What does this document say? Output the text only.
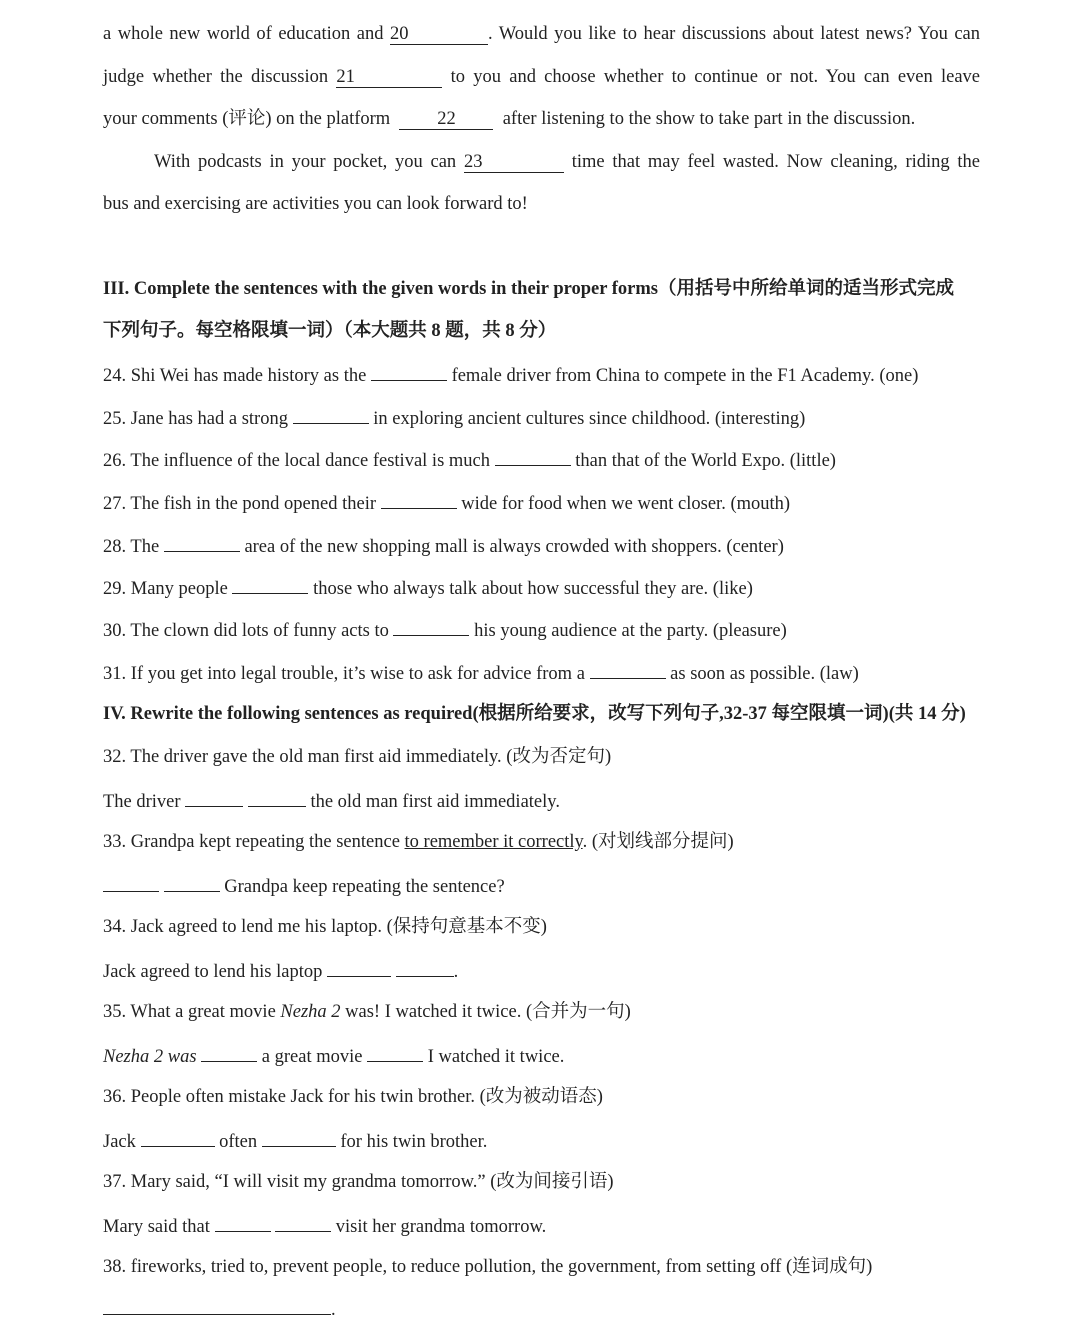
a whole new world of education and 20	. Would you like to hear discussions about latest news? You can
judge whether the discussion 21	to you and choose whether to continue or not. You can even leave
your comments (评论) on the platform	22	after listening to the show to take part in the discussion.
With podcasts in your pocket, you can 23	time that may feel wasted. Now cleaning, riding the
bus and exercising are activities you can look forward to!
III. Complete the sentences with the given words in their proper forms（用括号中所给单词的适当形式完成
下列句子。每空格限填一词）（本大题共 8 题，共 8 分）
24. Shi Wei has made history as the	female driver from China to compete in the F1 Academy. (one)
25. Jane has had a strong	in exploring ancient cultures since childhood. (interesting)
26. The influence of the local dance festival is much	than that of the World Expo. (little)
27. The fish in the pond opened their	wide for food when we went closer. (mouth)
28. The	area of the new shopping mall is always crowded with shoppers. (center)
29. Many people	those who always talk about how successful they are. (like)
30. The clown did lots of funny acts to	his young audience at the party. (pleasure)
31. If you get into legal trouble, it’s wise to ask for advice from a	as soon as possible. (law)
IV. Rewrite the following sentences as required(根据所给要求，改写下列句子,32-37 每空限填一词)(共 14 分)
32. The driver gave the old man first aid immediately. (改为否定句)
The driver	the old man first aid immediately.
33. Grandpa kept repeating the sentence to remember it correctly. (对划线部分提问)
Grandpa keep repeating the sentence?
34. Jack agreed to lend me his laptop. (保持句意基本不变)
Jack agreed to lend his laptop	.
35. What a great movie Nezha 2 was! I watched it twice. (合并为一句)
Nezha 2 was	a great movie	I watched it twice.
36. People often mistake Jack for his twin brother. (改为被动语态)
Jack	often	for his twin brother.
37. Mary said, “I will visit my grandma tomorrow.” (改为间接引语)
Mary said that	visit her grandma tomorrow.
38. fireworks, tried to, prevent people, to reduce pollution, the government, from setting off (连词成句)
.
